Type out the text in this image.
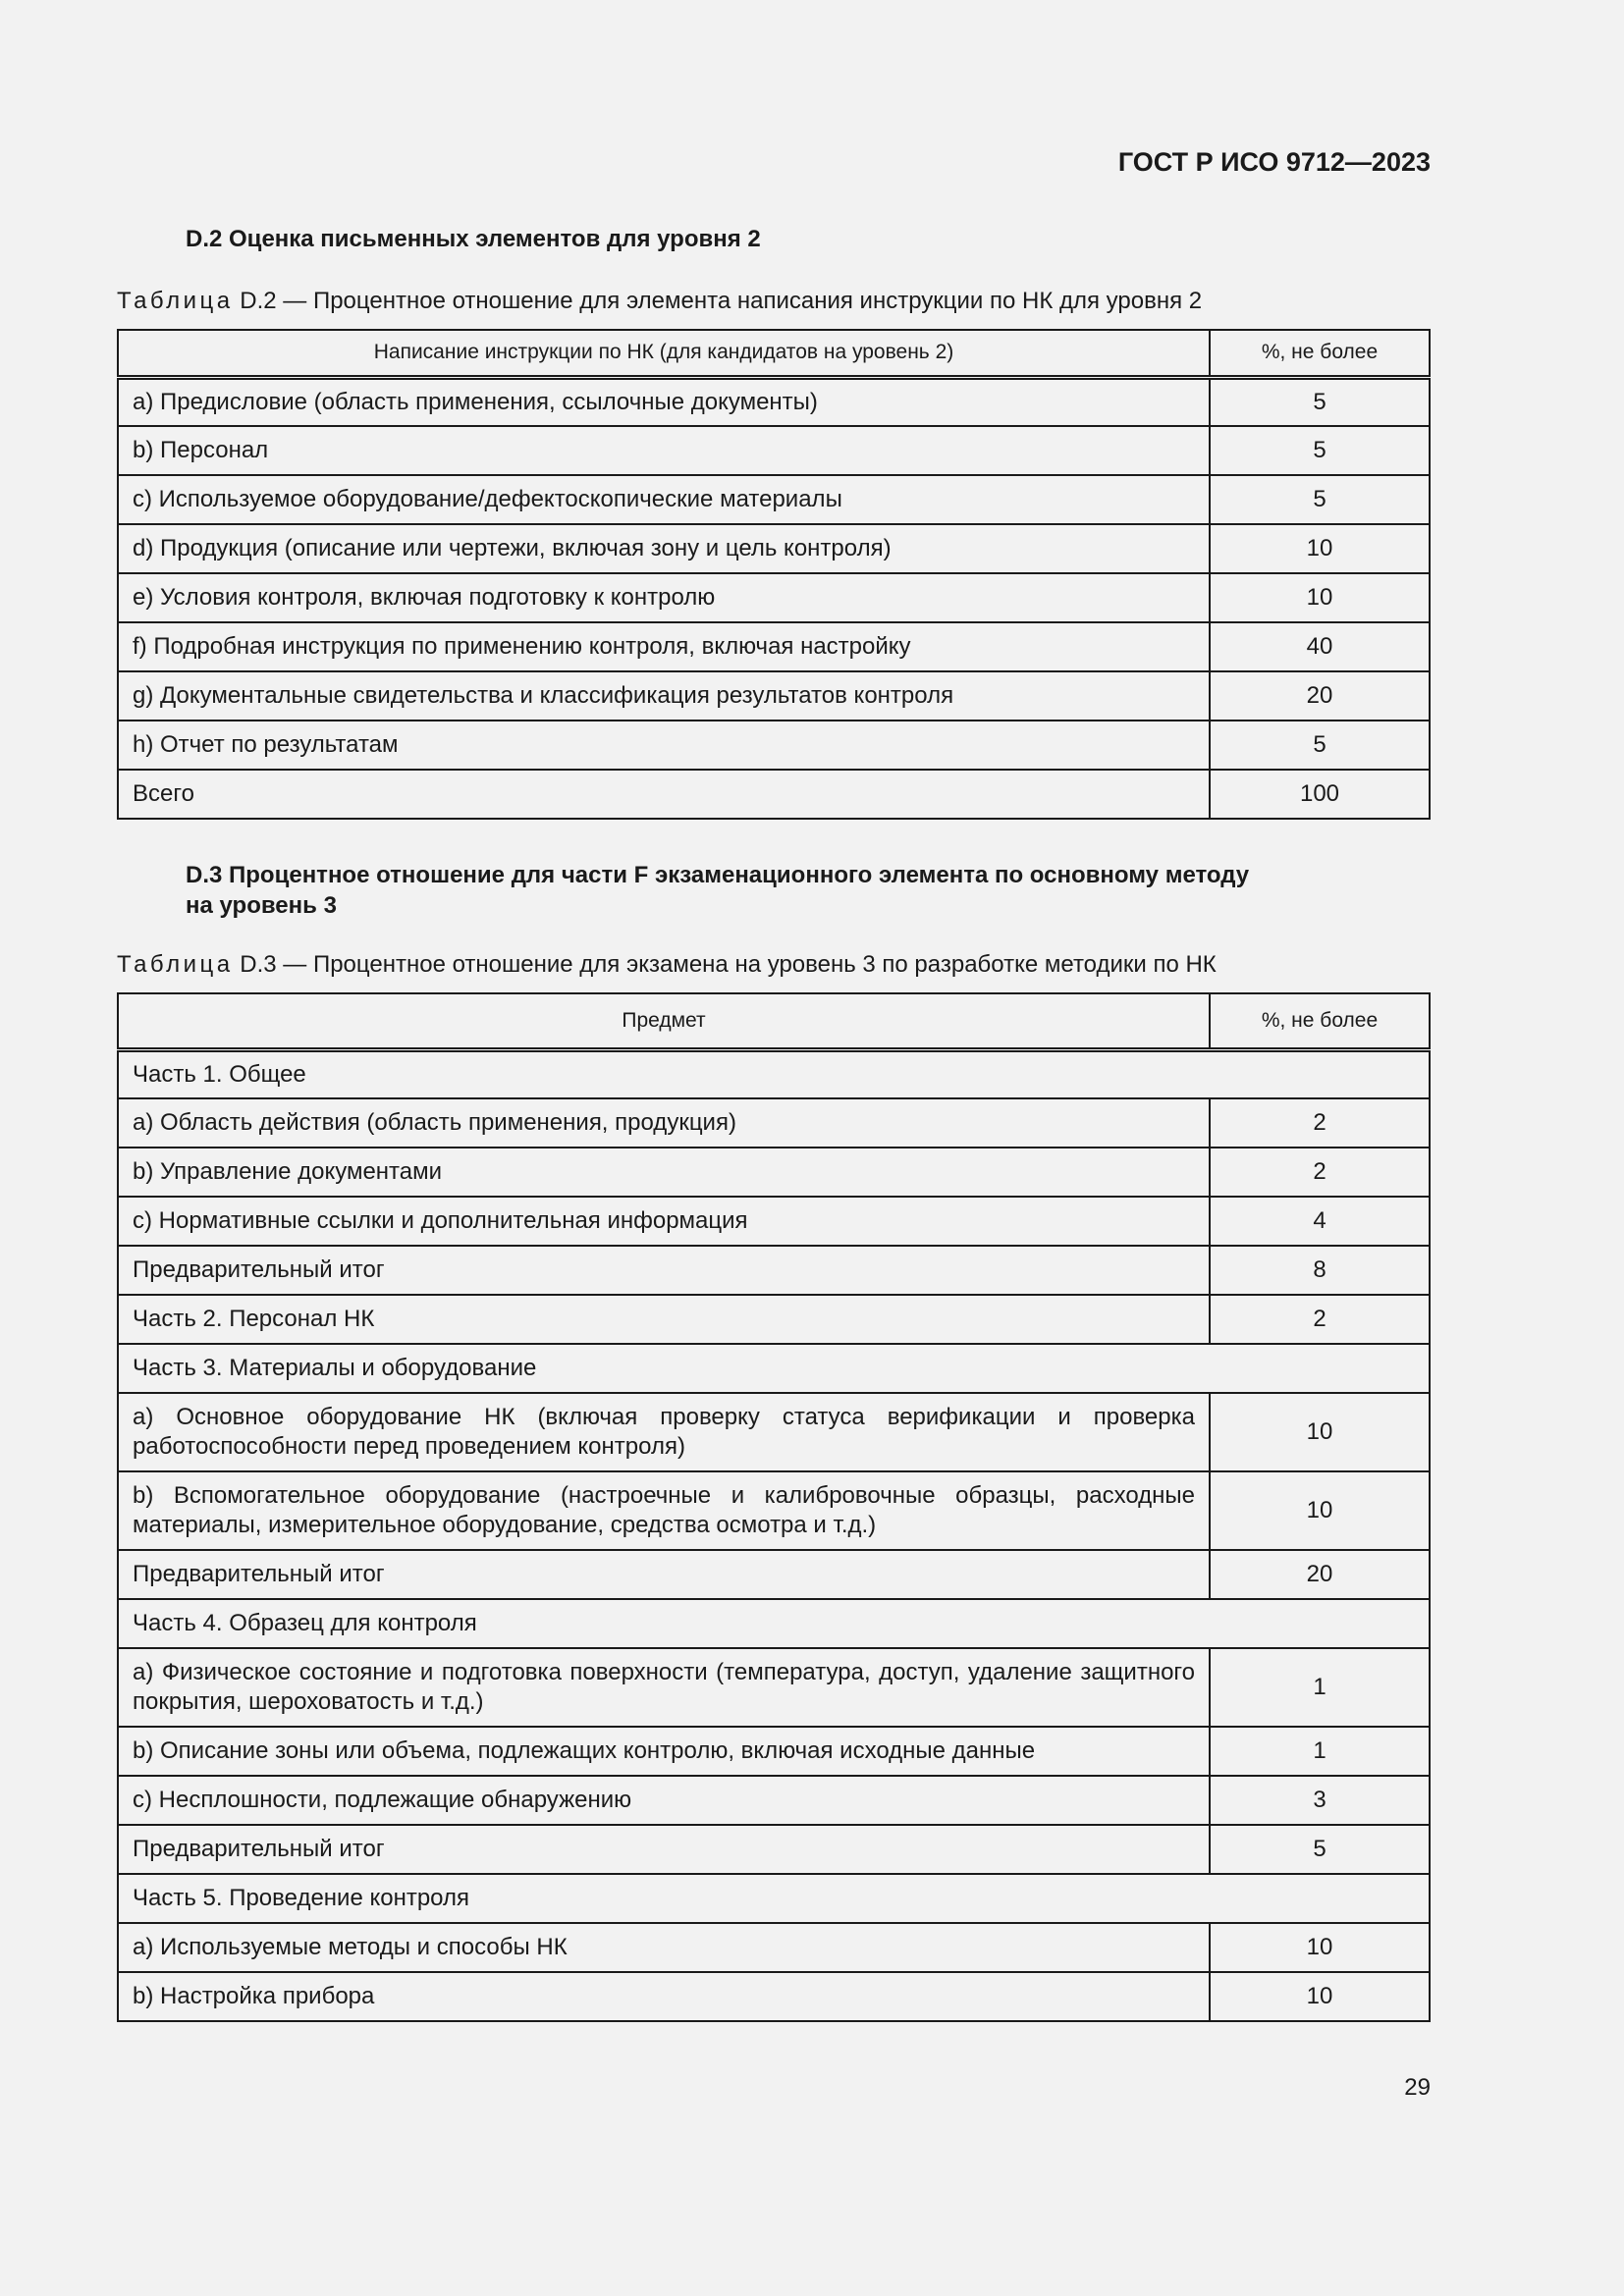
ГОСТ Р ИСО 9712—2023
D.2 Оценка письменных элементов для уровня 2
Таблица D.2 — Процентное отношение для элемента написания инструкции по НК для уровня 2
Написание инструкции по НК (для кандидатов на уровень 2)	%, не более
a) Предисловие (область применения, ссылочные документы)	5
b) Персонал	5
c) Используемое оборудование/дефектоскопические материалы	5
d) Продукция (описание или чертежи, включая зону и цель контроля)	10
e) Условия контроля, включая подготовку к контролю	10
f) Подробная инструкция по применению контроля, включая настройку	40
g) Документальные свидетельства и классификация результатов контроля	20
h) Отчет по результатам	5
Всего	100
D.3 Процентное отношение для части F экзаменационного элемента по основному методу
на уровень 3
Таблица D.3 — Процентное отношение для экзамена на уровень 3 по разработке методики по НК
Предмет	%, не более
Часть 1. Общее	
a) Область действия (область применения, продукция)	2
b) Управление документами	2
c) Нормативные ссылки и дополнительная информация	4
Предварительный итог	8
Часть 2. Персонал НК	2
Часть 3. Материалы и оборудование	
a) Основное оборудование НК (включая проверку статуса верификации и проверка работоспособности перед проведением контроля)	10
b) Вспомогательное оборудование (настроечные и калибровочные образцы, расходные материалы, измерительное оборудование, средства осмотра и т.д.)	10
Предварительный итог	20
Часть 4. Образец для контроля	
a) Физическое состояние и подготовка поверхности (температура, доступ, удаление защитного покрытия, шероховатость и т.д.)	1
b) Описание зоны или объема, подлежащих контролю, включая исходные данные	1
c) Несплошности, подлежащие обнаружению	3
Предварительный итог	5
Часть 5. Проведение контроля	
a) Используемые методы и способы НК	10
b) Настройка прибора	10
29
